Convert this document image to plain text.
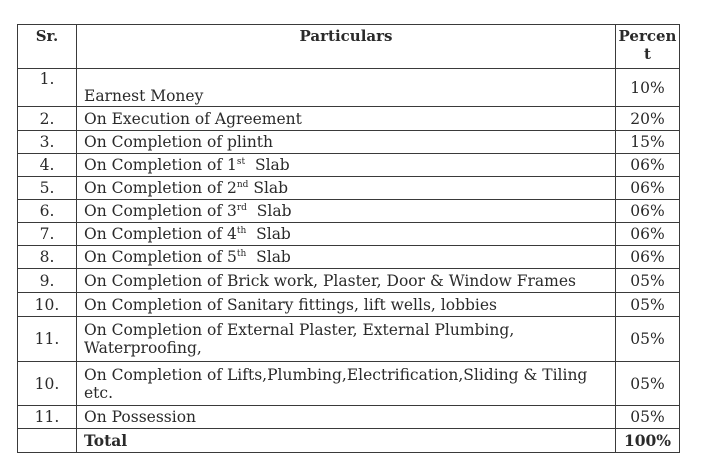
Sr.	Particulars	Percen t
1.	Earnest Money	10%
2.	On Execution of Agreement	20%
3.	On Completion of plinth	15%
4.	On Completion of 1st  Slab	06%
5.	On Completion of 2nd Slab	06%
6.	On Completion of 3rd  Slab	06%
7.	On Completion of 4th  Slab	06%
8.	On Completion of 5th  Slab	06%
9.	On Completion of Brick work, Plaster, Door & Window Frames	05%
10.	On Completion of Sanitary fittings, lift wells, lobbies	05%
11.	On Completion of External Plaster, External Plumbing, Waterproofing,	05%
10.	On Completion of Lifts,Plumbing,Electrification,Sliding & Tiling etc.	05%
11.	On Possession	05%
	Total	100%
